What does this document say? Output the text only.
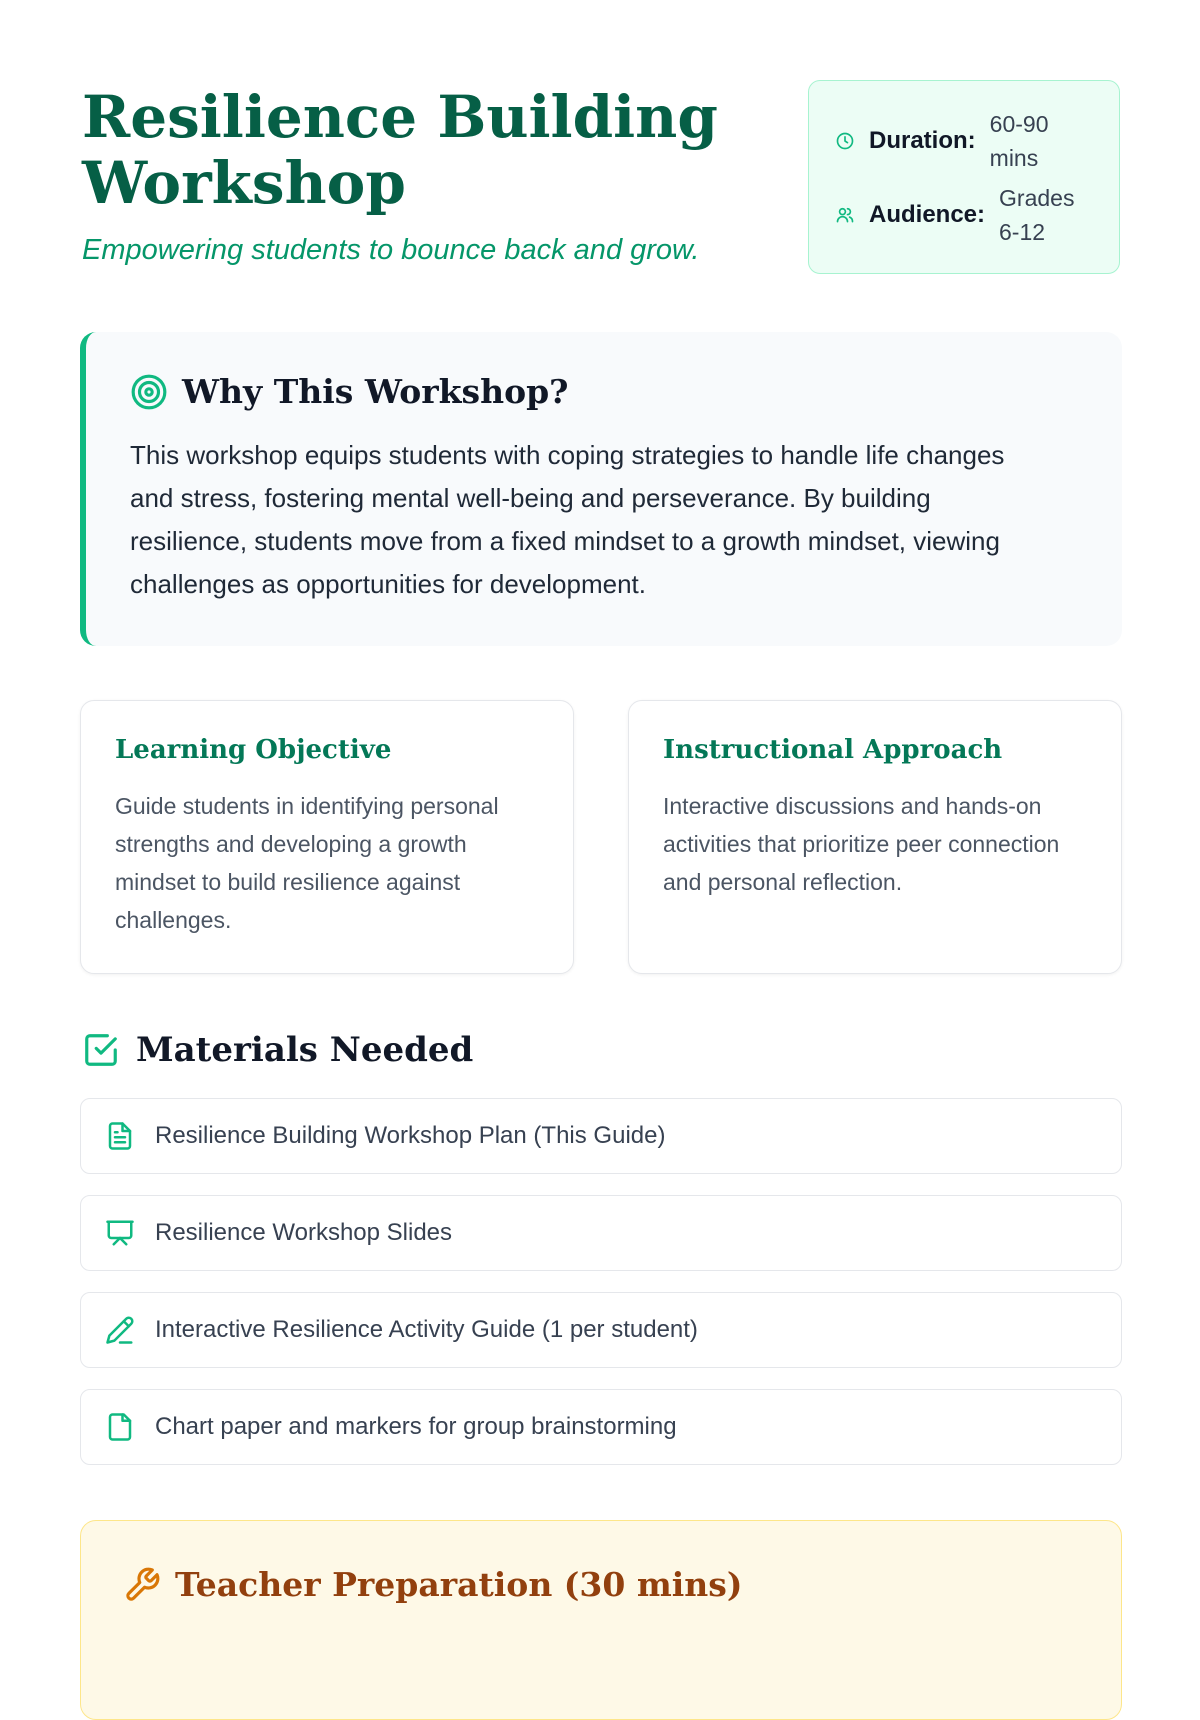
Resilience Building Workshop

Empowering students to bounce back and grow.

Duration:
60-90 mins
Audience:
Grades 6-12
Why This Workshop?

This workshop equips students with coping strategies to handle life changes and stress, fostering mental well-being and perseverance. By building resilience, students move from a fixed mindset to a growth mindset, viewing challenges as opportunities for development.

Learning Objective

Guide students in identifying personal strengths and developing a growth mindset to build resilience against challenges.

Instructional Approach

Interactive discussions and hands-on activities that prioritize peer connection and personal reflection.

Materials Needed
Resilience Building Workshop Plan (This Guide)
Resilience Workshop Slides
Interactive Resilience Activity Guide (1 per student)
Chart paper and markers for group brainstorming
Teacher Preparation (30 mins)
